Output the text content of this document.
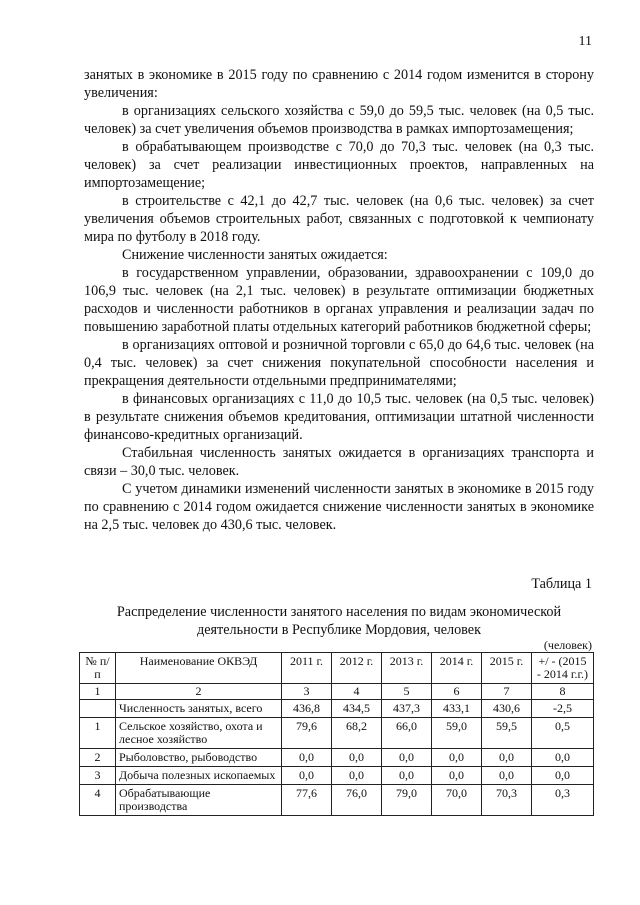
11

занятых в экономике в 2015 году по сравнению с 2014 годом изменится в сторону увеличения:

в организациях сельского хозяйства с 59,0 до 59,5 тыс. человек (на 0,5 тыс. человек) за счет увеличения объемов производства в рамках импортозамещения;

в обрабатывающем производстве с 70,0 до 70,3 тыс. человек (на 0,3 тыс. человек) за счет реализации инвестиционных проектов, направленных на импортозамещение;

в строительстве с 42,1 до 42,7 тыс. человек (на 0,6 тыс. человек) за счет увеличения объемов строительных работ, связанных с подготовкой к чемпионату мира по футболу в 2018 году.

Снижение численности занятых ожидается:

в государственном управлении, образовании, здравоохранении с 109,0 до 106,9 тыс. человек (на 2,1 тыс. человек) в результате оптимизации бюджетных расходов и численности работников в органах управления и реализации задач по повышению заработной платы отдельных категорий работников бюджетной сферы;

в организациях оптовой и розничной торговли с 65,0 до 64,6 тыс. человек (на 0,4 тыс. человек) за счет снижения покупательной способности населения и прекращения деятельности отдельными предпринимателями;

в финансовых организациях с 11,0 до 10,5 тыс. человек (на 0,5 тыс. человек) в результате снижения объемов кредитования, оптимизации штатной численности финансово-кредитных организаций.

Стабильная численность занятых ожидается в организациях транспорта и связи – 30,0 тыс. человек.

С учетом динамики изменений численности занятых в экономике в 2015 году по сравнению с 2014 годом ожидается снижение численности занятых в экономике на 2,5 тыс. человек до 430,6 тыс. человек.

Таблица 1
Распределение численности занятого населения по видам экономической деятельности в Республике Мордовия, человек
(человек)
№ п/п	Наименование ОКВЭД	2011 г.	2012 г.	2013 г.	2014 г.	2015 г.	+/ - (2015 - 2014 г.г.)
1	2	3	4	5	6	7	8
	Численность занятых, всего	436,8	434,5	437,3	433,1	430,6	-2,5
1	Сельское хозяйство, охота и лесное хозяйство	79,6	68,2	66,0	59,0	59,5	0,5
2	Рыболовство, рыбоводство	0,0	0,0	0,0	0,0	0,0	0,0
3	Добыча полезных ископаемых	0,0	0,0	0,0	0,0	0,0	0,0
4	Обрабатывающие производства	77,6	76,0	79,0	70,0	70,3	0,3
